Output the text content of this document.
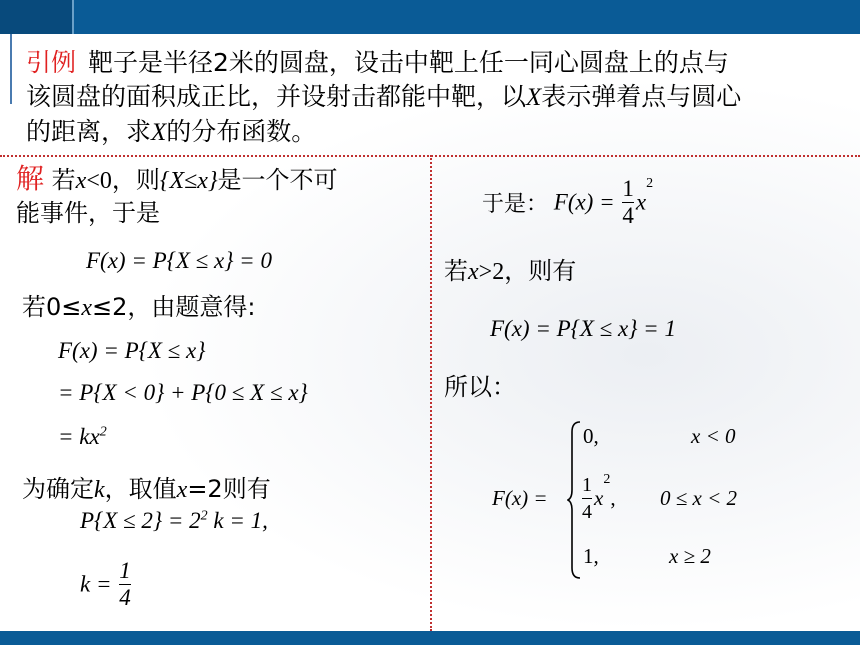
引例 靶子是半径2米的圆盘，设击中靶上任一同心圆盘上的点与
该圆盘的面积成正比，并设射击都能中靶，以X表示弹着点与圆心
的距离，求X的分布函数。
解 若x<0，则{X≤x}是一个不可
能事件，于是
F(x) = P{X ≤ x} = 0
若0≤x≤2，由题意得:
F(x) = P{X ≤ x}
= P{X < 0} + P{0 ≤ X ≤ x}
= $kx^2$
为确定k，取值x=2则有
$P\{X \le 2\} = 2^2$ k = 1,
$k = \frac{1}{4}$
于是： $F(x) = \frac{1}{4} x^2$
若x>2，则有
F(x) = P{X ≤ x} = 1
所以：
F(x) =
0,	x < 0
$\frac{1}{4} x^2$, 0 ≤ x < 2
1,	x ≥ 2
